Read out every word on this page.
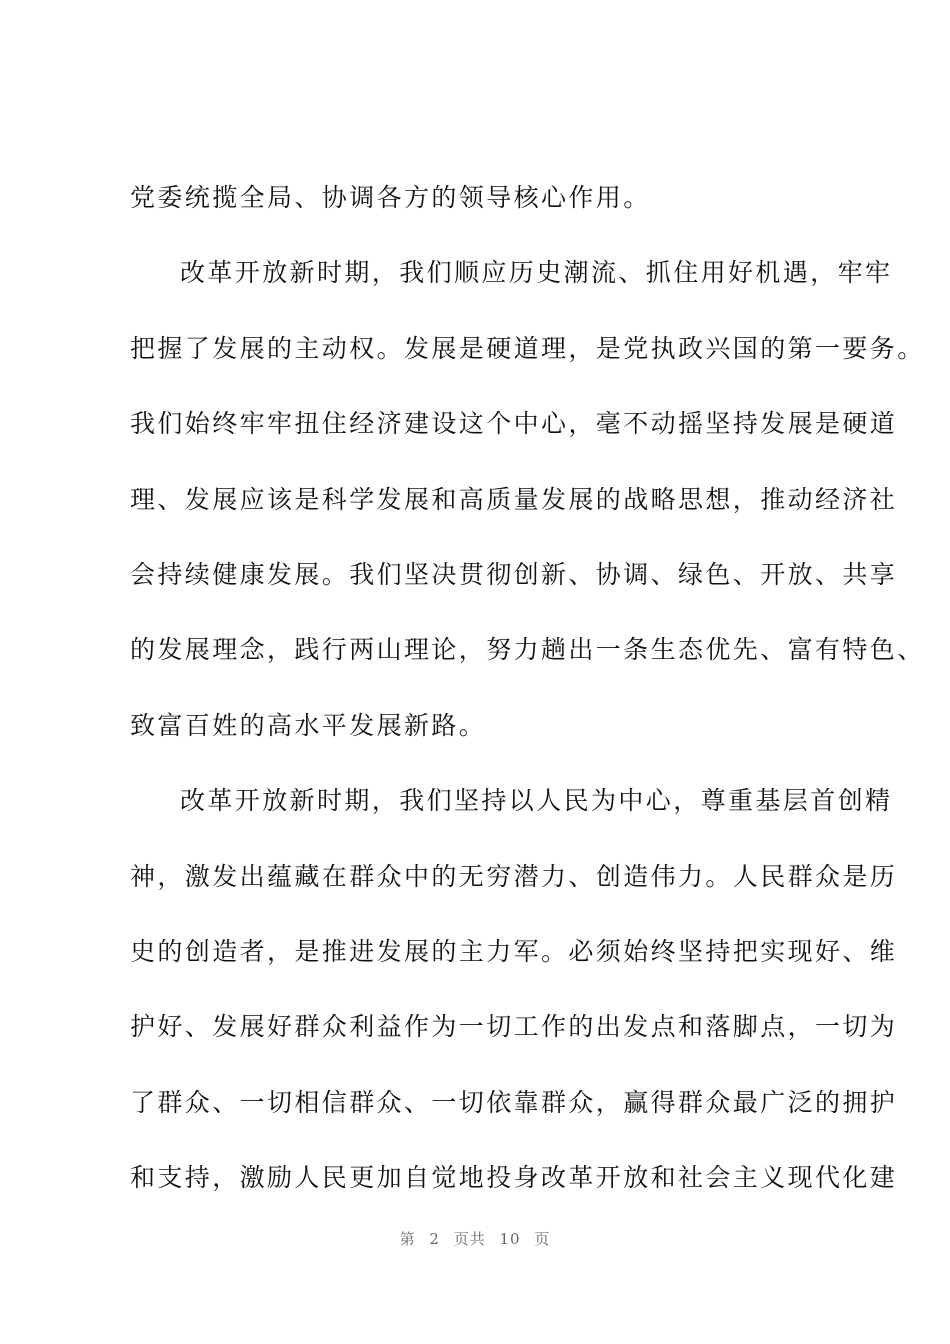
党委统揽全局、协调各方的领导核心作用。
改革开放新时期，我们顺应历史潮流、抓住用好机遇，牢牢
把握了发展的主动权。发展是硬道理，是党执政兴国的第一要务。
我们始终牢牢扭住经济建设这个中心，毫不动摇坚持发展是硬道
理、发展应该是科学发展和高质量发展的战略思想，推动经济社
会持续健康发展。我们坚决贯彻创新、协调、绿色、开放、共享
的发展理念，践行两山理论，努力趟出一条生态优先、富有特色、
致富百姓的高水平发展新路。
改革开放新时期，我们坚持以人民为中心，尊重基层首创精
神，激发出蕴藏在群众中的无穷潜力、创造伟力。人民群众是历
史的创造者，是推进发展的主力军。必须始终坚持把实现好、维
护好、发展好群众利益作为一切工作的出发点和落脚点，一切为
了群众、一切相信群众、一切依靠群众，赢得群众最广泛的拥护
和支持，激励人民更加自觉地投身改革开放和社会主义现代化建
第 2 页共 10 页
